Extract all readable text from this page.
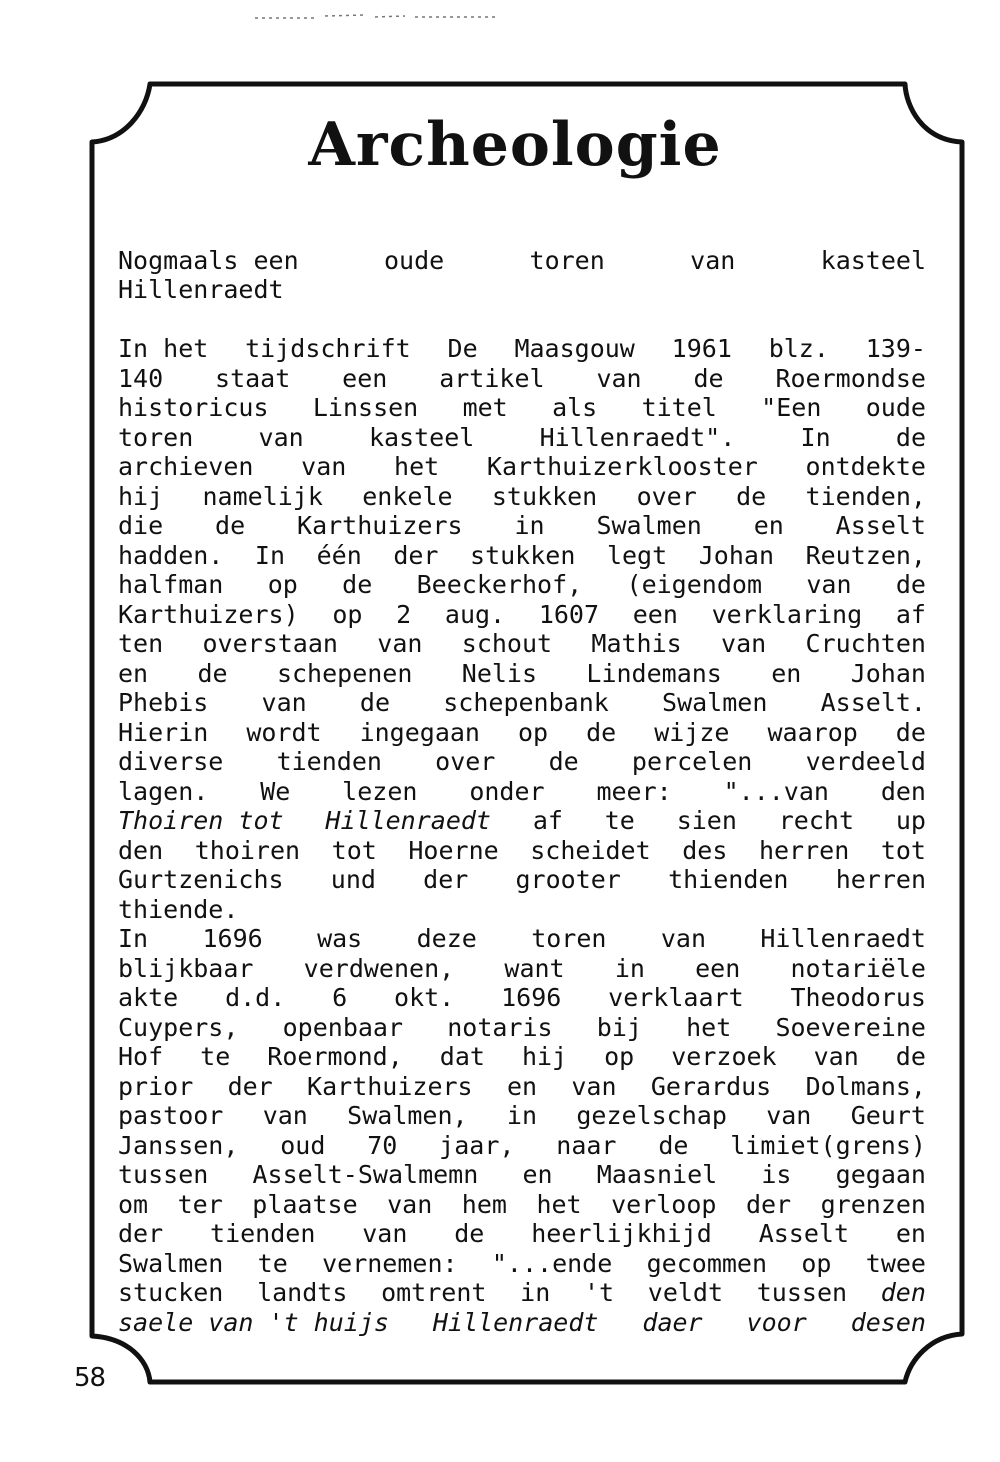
Archeologie
Nogmaals een	oude	toren	van	kasteel
Hillenraedt
In het tijdschrift De Maasgouw 1961 blz. 139-
140 staat een artikel van de Roermondse
historicus Linssen met als titel "Een oude
toren	van	kasteel	Hillenraedt".	In	de
archieven van het Karthuizerklooster ontdekte
hij namelijk enkele stukken over de tienden,
die de Karthuizers in Swalmen en Asselt
hadden. In één der stukken legt Johan Reutzen,
halfman op de Beeckerhof, (eigendom van de
Karthuizers) op 2 aug. 1607 een verklaring af
ten overstaan van schout Mathis van Cruchten
en de schepenen Nelis Lindemans en Johan
Phebis van de schepenbank Swalmen Asselt.
Hierin wordt ingegaan op de wijze waarop de
diverse tienden over de percelen verdeeld
lagen. We lezen onder meer: "...van den
Thoiren tot Hillenraedt af te sien recht up
den thoiren tot Hoerne scheidet des herren tot
Gurtzenichs und der grooter thienden herren
thiende.
In 1696 was deze toren van Hillenraedt
blijkbaar verdwenen, want in een notariële
akte d.d. 6 okt. 1696 verklaart Theodorus
Cuypers, openbaar notaris bij het Soevereine
Hof te Roermond, dat hij op verzoek van de
prior der Karthuizers en van Gerardus Dolmans,
pastoor van Swalmen, in gezelschap van Geurt
Janssen, oud 70 jaar, naar de limiet(grens)
tussen Asselt-Swalmemn en Maasniel is gegaan
om ter plaatse van hem het verloop der grenzen
der tienden van de heerlijkhijd Asselt en
Swalmen te vernemen: "...ende gecommen op twee
stucken landts omtrent in 't veldt tussen den
saele van 't huijs Hillenraedt daer voor desen
58
